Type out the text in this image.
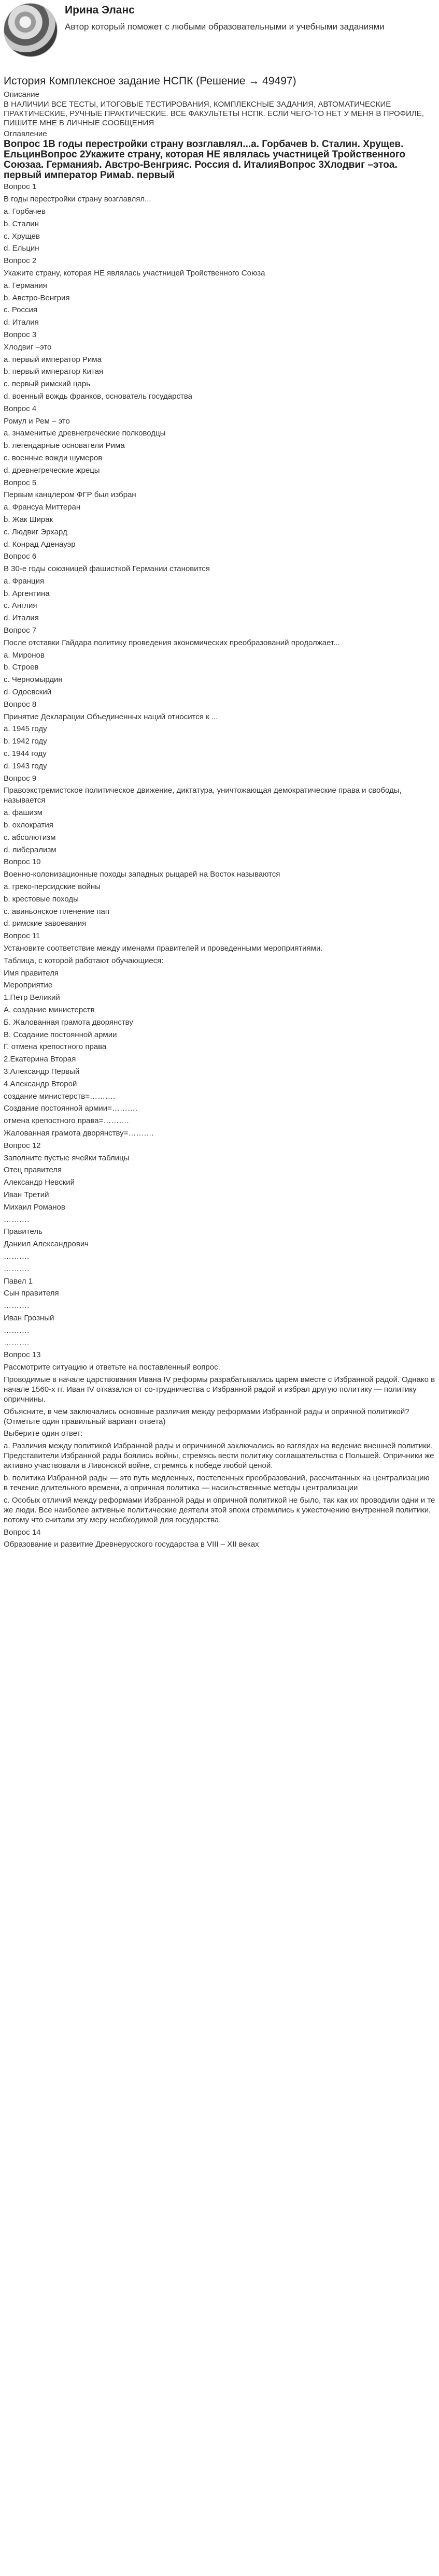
Ирина Эланс
Автор который поможет с любыми образовательными и учебными заданиями
История Комплексное задание НСПК (Решение → 49497)
Описание
В НАЛИЧИИ ВСЕ ТЕСТЫ, ИТОГОВЫЕ ТЕСТИРОВАНИЯ, КОМПЛЕКСНЫЕ ЗАДАНИЯ, АВТОМАТИЧЕСКИЕ ПРАКТИЧЕСКИЕ, РУЧНЫЕ ПРАКТИЧЕСКИЕ. ВСЕ ФАКУЛЬТЕТЫ НСПК. ЕСЛИ ЧЕГО-ТО НЕТ У МЕНЯ В ПРОФИЛЕ, ПИШИТЕ МНЕ В ЛИЧНЫЕ СООБЩЕНИЯ
Оглавление
Вопрос 1В годы перестройки страну возглавлял...а. Горбачев b. Сталин. Хрущев. ЕльцинВопрос 2Укажите страну, которая НЕ являлась участницей Тройственного Союзаa. Германияb. Австро-Венгрияc. Россия d. ИталияВопрос 3Хлодвиг –этоa. первый император Римаb. первый
Вопрос 1
В годы перестройки страну возглавлял...
a. Горбачев
b. Сталин
c. Хрущев
d. Ельцин
Вопрос 2
Укажите страну, которая НЕ являлась участницей Тройственного Союза
a. Германия
b. Австро-Венгрия
c. Россия
d. Италия
Вопрос 3
Хлодвиг –это
a. первый император Рима
b. первый император Китая
c. первый римский царь
d. военный вождь франков, основатель государства
Вопрос 4
Ромул и Рем – это
a. знаменитые древнегреческие полководцы
b. легендарные основатели Рима
c. военные вожди шумеров
d. древнегреческие жрецы
Вопрос 5
Первым канцлером ФГР был избран
a. Франсуа Миттеран
b. Жак Ширак
c. Людвиг Эрхард
d. Конрад Аденауэр
Вопрос 6
В 30-е годы союзницей фашисткой Германии становится
a. Франция
b. Аргентина
c. Англия
d. Италия
Вопрос 7
После отставки Гайдара политику проведения экономических преобразований продолжает...
a. Миронов
b. Строев
c. Черномырдин
d. Одоевский
Вопрос 8
Принятие Декларации Объединенных наций относится к ...
a. 1945 году
b. 1942 году
c. 1944 году
d. 1943 году
Вопрос 9
Правоэкстремистское политическое движение, диктатура, уничтожающая демократические права и свободы, называется
a. фашизм
b. охлократия
c. абсолютизм
d. либерализм
Вопрос 10
Военно-колонизационные походы западных рыцарей на Восток называются
a. греко-персидские войны
b. крестовые походы
c. авиньонское пленение пап
d. римские завоевания
Вопрос 11
Установите соответствие между именами правителей и проведенными мероприятиями.
Таблица, с которой работают обучающиеся:
Имя правителя
Мероприятие
1.Петр Великий
A. создание министерств
Б. Жалованная грамота дворянству
В. Создание постоянной армии
Г. отмена крепостного права
2.Екатерина Вторая
3.Александр Первый
4.Александр Второй
создание министерств=……….
Создание постоянной армии=……….
отмена крепостного права=……….
Жалованная грамота дворянству=……….
Вопрос 12
Заполните пустые ячейки таблицы
Отец правителя
Александр Невский
Иван Третий
Михаил Романов
……….
Правитель
Даниил Александрович
……….
……….
Павел 1
Сын правителя
……….
Иван Грозный
……….
……….
Вопрос 13
Рассмотрите ситуацию и ответьте на поставленный вопрос.
Проводимые в начале царствования Ивана IV реформы разрабатывались царем вместе с Избранной радой. Однако в начале 1560-х гг. Иван IV отказался от со-трудничества с Избранной радой и избрал другую политику — политику опричнины.
Объясните, в чем заключались основные различия между реформами Избранной рады и опричной политикой? (Отметьте один правильный вариант ответа)
Выберите один ответ:
a. Различия между политикой Избранной рады и опричниной заключались во взглядах на ведение внешней политики. Представители Избранной рады боялись войны, стремясь вести политику соглашательства с Польшей. Опричники же активно участвовали в Ливонской войне, стремясь к победе любой ценой.
b. политика Избранной рады — это путь медленных, постепенных преобразований, рассчитанных на централизацию в течение длительного времени, а опричная политика — насильственные методы централизации
c. Особых отличий между реформами Избранной рады и опричной политикой не было, так как их проводили одни и те же люди. Все наиболее активные политические деятели этой эпохи стремились к ужесточению внутренней политики, потому что считали эту меру необходимой для государства.
Вопрос 14
Образование и развитие Древнерусского государства в VIII – XII веках
